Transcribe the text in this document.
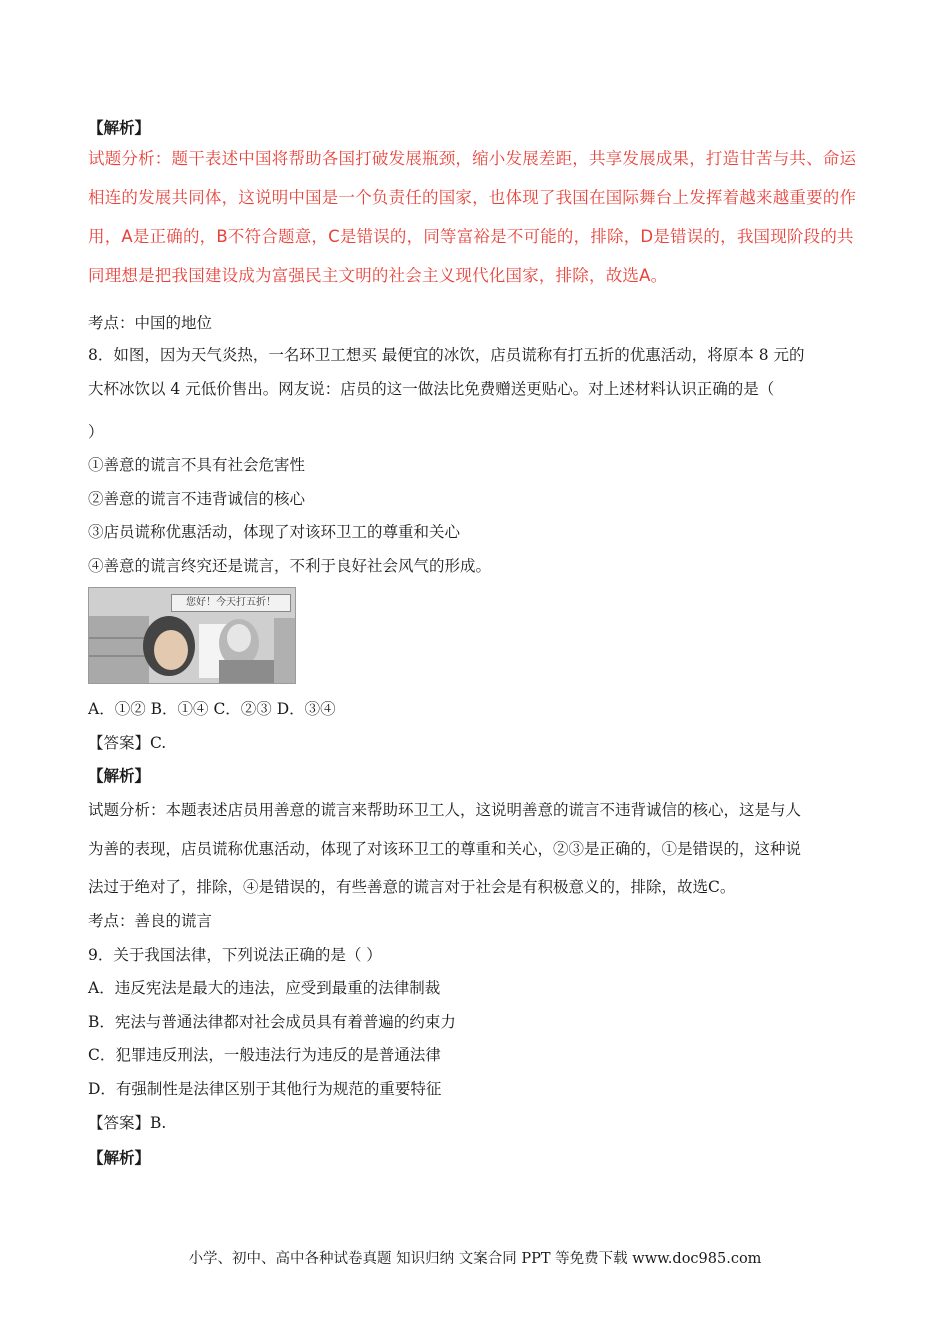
【解析】
试题分析：题干表述中国将帮助各国打破发展瓶颈，缩小发展差距，共享发展成果，打造甘苦与共、命运
相连的发展共同体，这说明中国是一个负责任的国家，也体现了我国在国际舞台上发挥着越来越重要的作
用，A是正确的，B不符合题意，C是错误的，同等富裕是不可能的，排除，D是错误的，我国现阶段的共
同理想是把我国建设成为富强民主文明的社会主义现代化国家，排除，故选A。
考点：中国的地位
8．如图，因为天气炎热，一名环卫工想买 最便宜的冰饮，店员谎称有打五折的优惠活动，将原本 8 元的
大杯冰饮以 4 元低价售出。网友说：店员的这一做法比免费赠送更贴心。对上述材料认识正确的是（
）
①善意的谎言不具有社会危害性
②善意的谎言不违背诚信的核心
③店员谎称优惠活动，体现了对该环卫工的尊重和关心
④善意的谎言终究还是谎言，不利于良好社会风气的形成。
您好！今天打五折！
A．①② B．①④ C．②③ D．③④
【答案】C.
【解析】
试题分析：本题表述店员用善意的谎言来帮助环卫工人，这说明善意的谎言不违背诚信的核心，这是与人
为善的表现，店员谎称优惠活动，体现了对该环卫工的尊重和关心，②③是正确的，①是错误的，这种说
法过于绝对了，排除，④是错误的，有些善意的谎言对于社会是有积极意义的，排除，故选C。
考点：善良的谎言
9．关于我国法律，下列说法正确的是（ ）
A．违反宪法是最大的违法，应受到最重的法律制裁
B．宪法与普通法律都对社会成员具有着普遍的约束力
C．犯罪违反刑法，一般违法行为违反的是普通法律
D．有强制性是法律区别于其他行为规范的重要特征
【答案】B.
【解析】
小学、初中、高中各种试卷真题 知识归纳 文案合同 PPT 等免费下载 www.doc985.com
